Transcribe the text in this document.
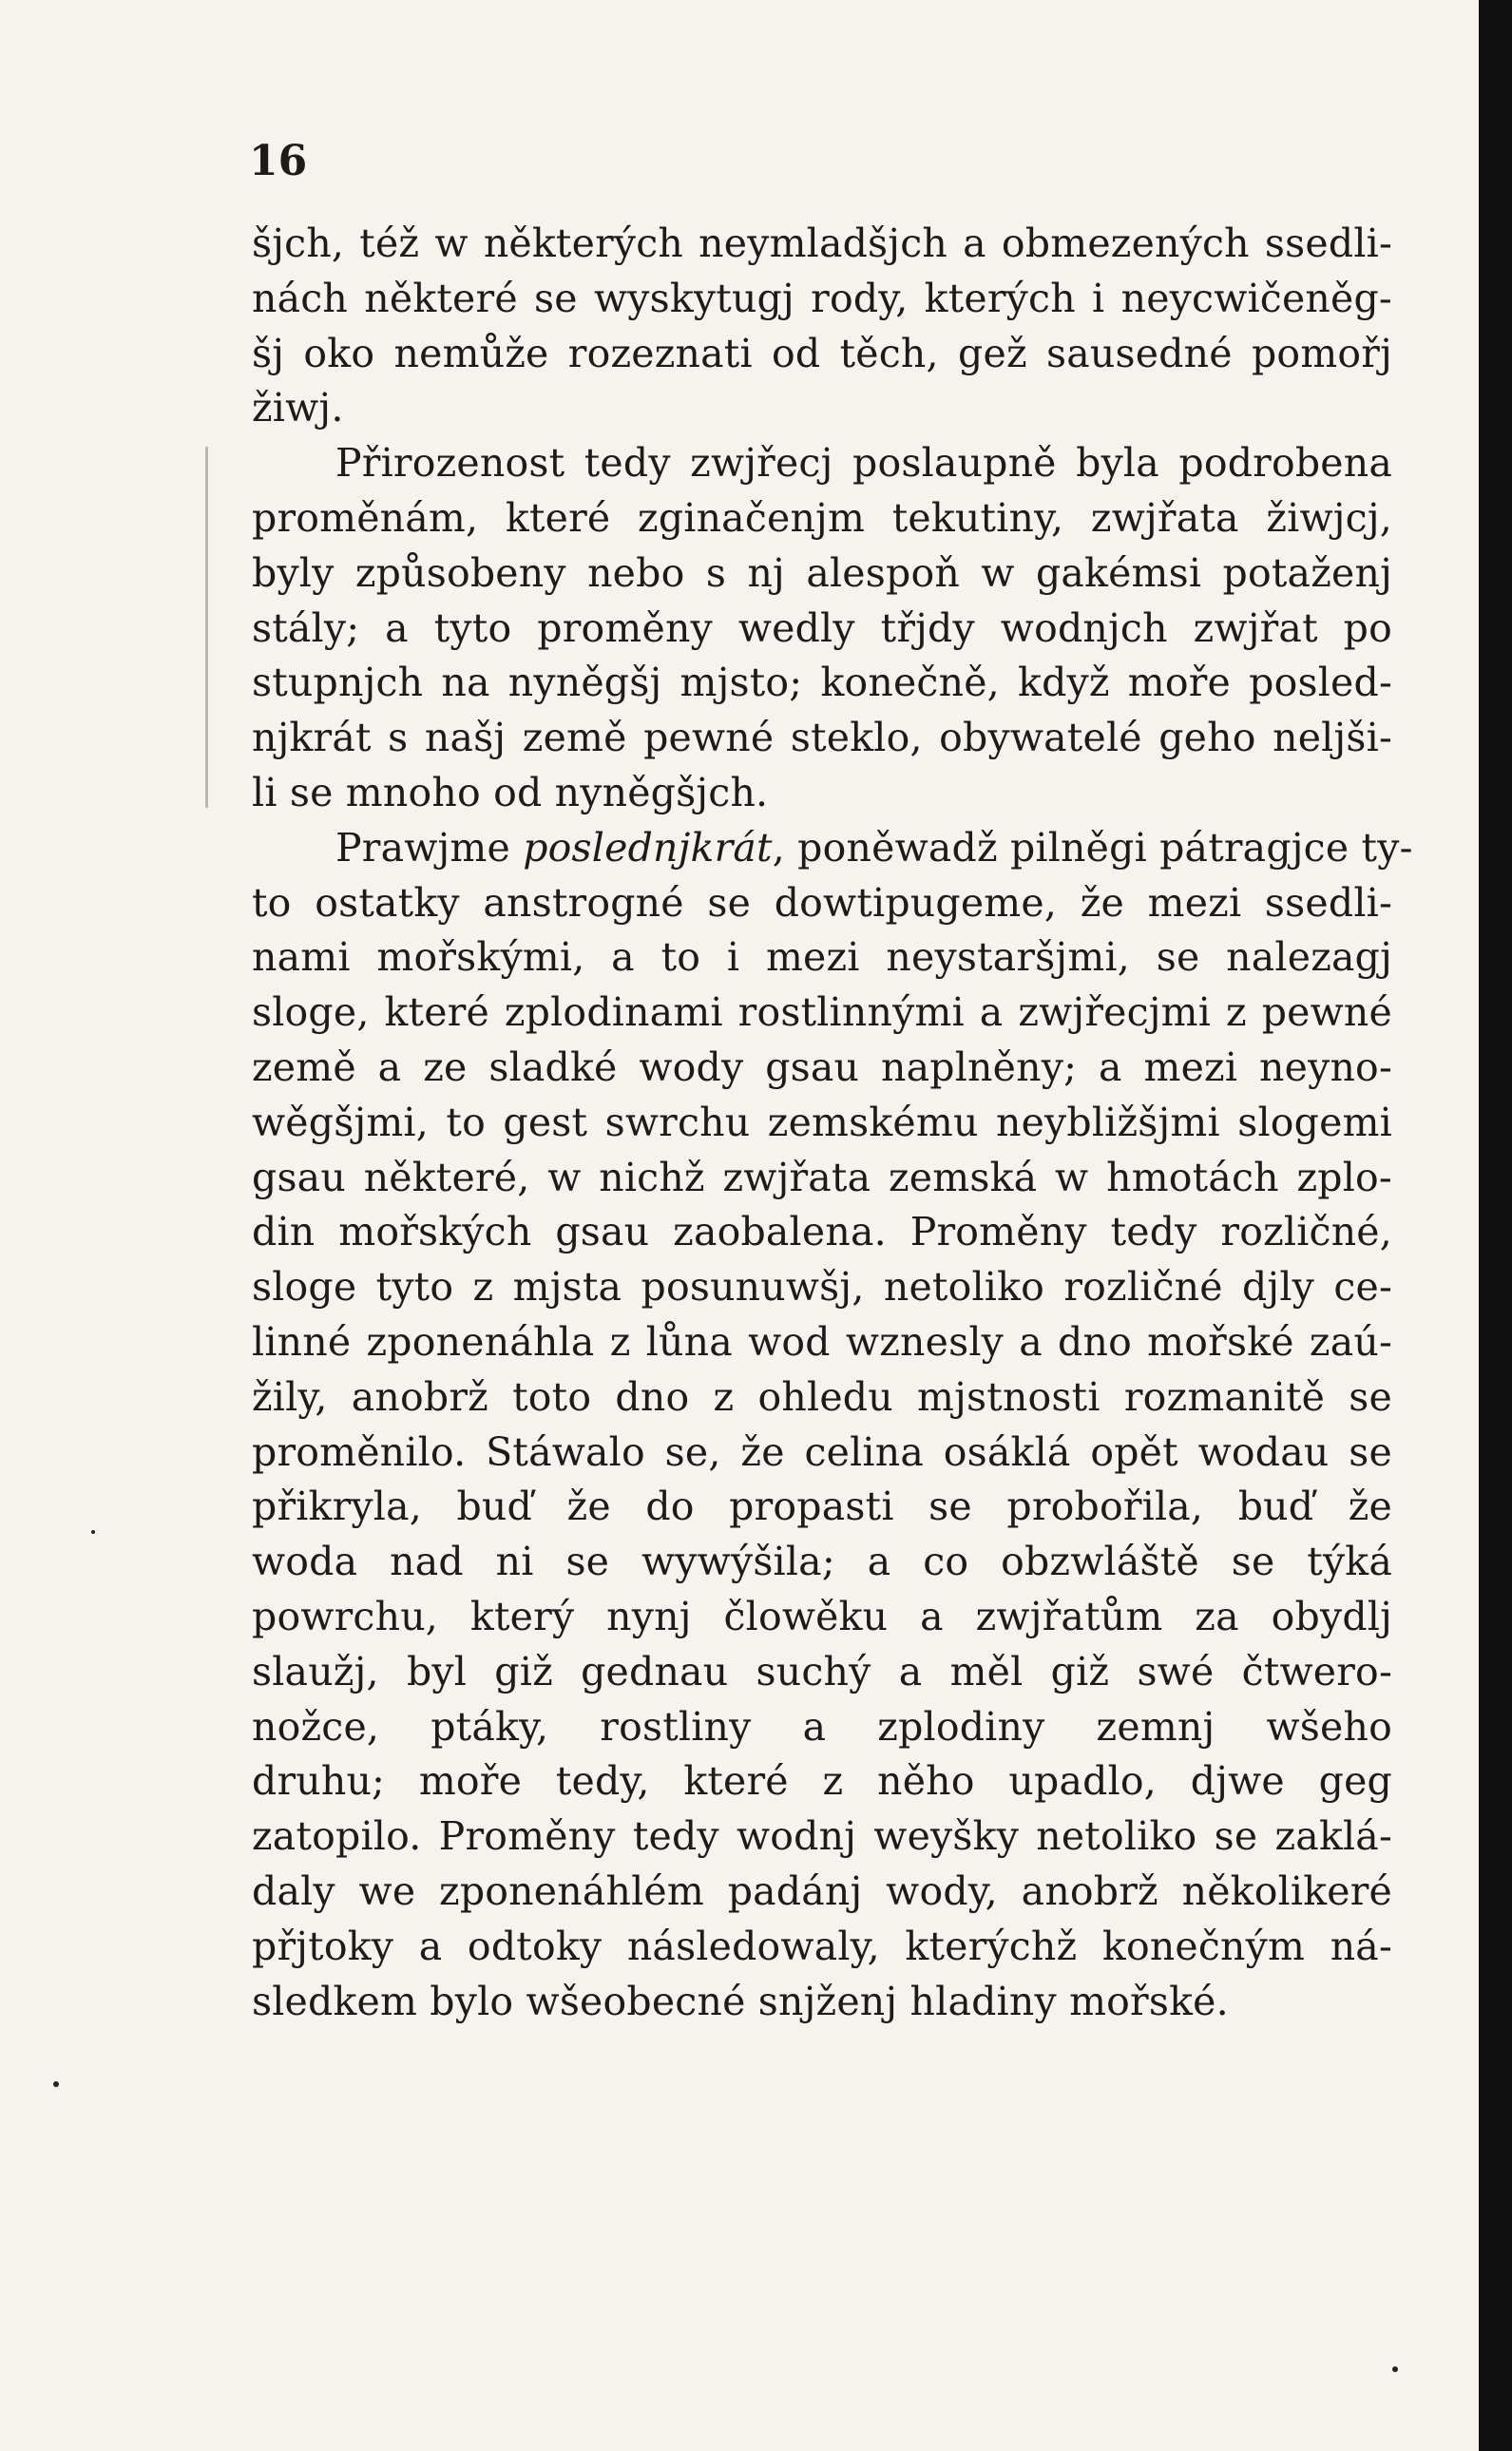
16
šjch, též w některých neymladšjch a obmezených ssedli-
nách některé se wyskytugj rody, kterých i neycwičeněg-
šj oko nemůže rozeznati od těch, gež sausedné pomořj
žiwj.
Přirozenost tedy zwjřecj poslaupně byla podrobena
proměnám, které zginačenjm tekutiny, zwjřata žiwjcj,
byly způsobeny nebo s nj alespoň w gakémsi potaženj
stály; a tyto proměny wedly třjdy wodnjch zwjřat po
stupnjch na nyněgšj mjsto; konečně, když moře posled-
njkrát s našj země pewné steklo, obywatelé geho neljši-
li se mnoho od nyněgšjch.
Prawjme poslednjkrát, poněwadž pilněgi pátragjce ty-
to ostatky anstrogné se dowtipugeme, že mezi ssedli-
nami mořskými, a to i mezi neystaršjmi, se nalezagj
sloge, které zplodinami rostlinnými a zwjřecjmi z pewné
země a ze sladké wody gsau naplněny; a mezi neyno-
wěgšjmi, to gest swrchu zemskému neybližšjmi slogemi
gsau některé, w nichž zwjřata zemská w hmotách zplo-
din mořských gsau zaobalena. Proměny tedy rozličné,
sloge tyto z mjsta posunuwšj, netoliko rozličné djly ce-
linné zponenáhla z lůna wod wznesly a dno mořské zaú-
žily, anobrž toto dno z ohledu mjstnosti rozmanitě se
proměnilo. Stáwalo se, že celina osáklá opět wodau se
přikryla, buď že do propasti se probořila, buď že
woda nad ni se wywýšila; a co obzwláště se týká
powrchu, který nynj člowěku a zwjřatům za obydlj
slaužj, byl giž gednau suchý a měl giž swé čtwero-
nožce, ptáky, rostliny a zplodiny zemnj wšeho
druhu; moře tedy, které z něho upadlo, djwe geg
zatopilo. Proměny tedy wodnj weyšky netoliko se zaklá-
daly we zponenáhlém padánj wody, anobrž několikeré
přjtoky a odtoky následowaly, kterýchž konečným ná-
sledkem bylo wšeobecné snjženj hladiny mořské.
